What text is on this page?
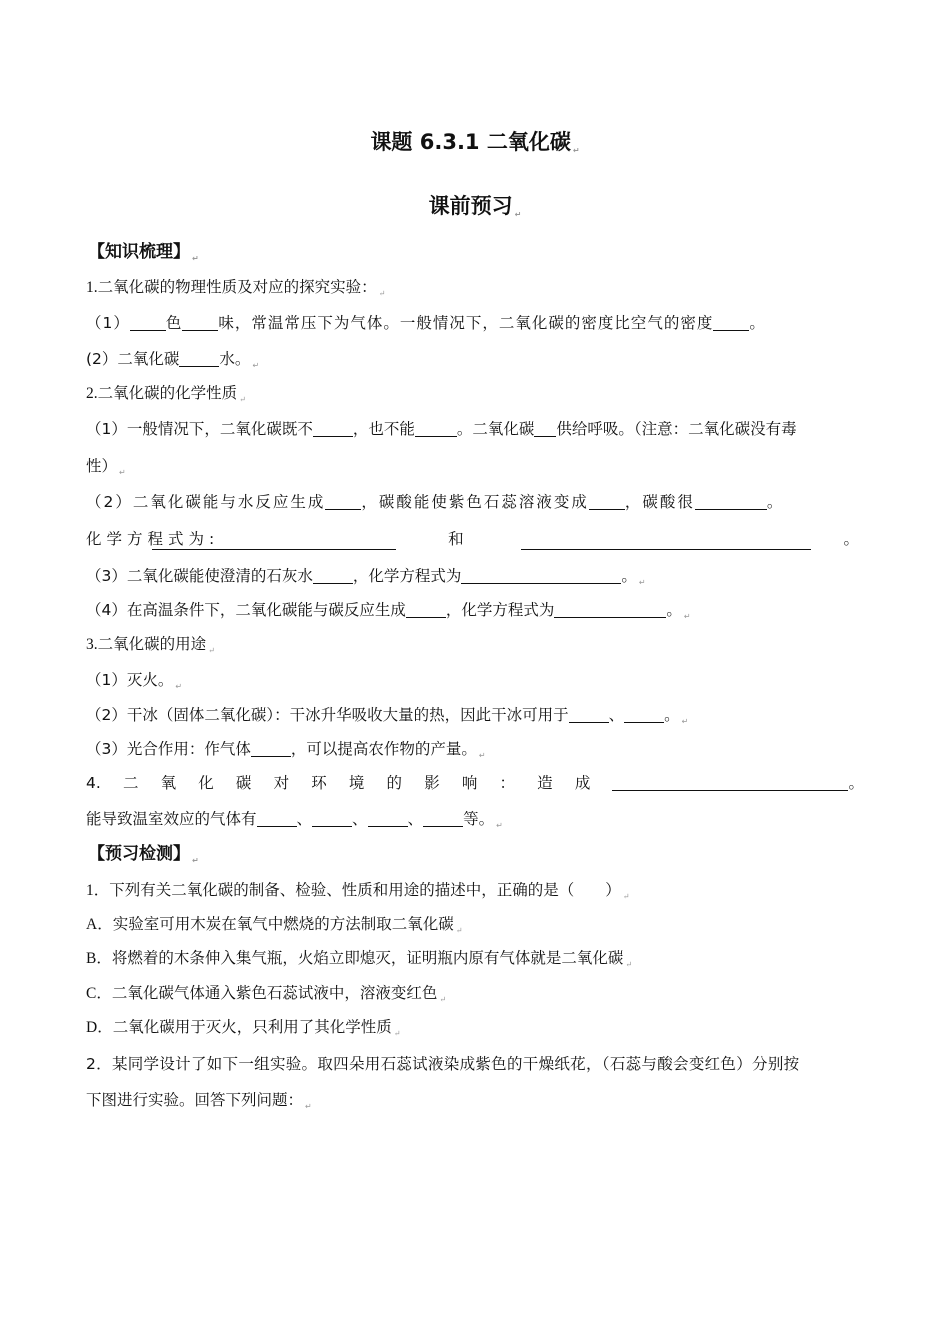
课题 6.3.1 二氧化碳 ↵
课前预习 ↵
【知识梳理】 $_↵$
1.二氧化碳的物理性质及对应的探究实验： $_↵$
（1） 色 味，常温常压下为气体。一般情况下，二氧化碳的密度比空气的密度 。
(2）二氧化碳	水。 $_↵$
2.二氧化碳的化学性质 $_↵$
（1）一般情况下，二氧化碳既不	，也不能	。二氧化碳 供给呼吸。（注意：二氧化碳没有毒
性） $_↵$
（2）二氧化碳能与水反应生成 ，碳酸能使紫色石蕊溶液变成 ，碳酸很	。
化学方程式为:	和	。
（3）二氧化碳能使澄清的石灰水	，化学方程式为	。 $_↵$
（4）在高温条件下，二氧化碳能与碳反应生成	，化学方程式为	。 $_↵$
3.二氧化碳的用途 $_↵$
（1）灭火。 $_↵$
（2）干冰（固体二氧化碳）：干冰升华吸收大量的热，因此干冰可用于	、	。 $_↵$
（3）光合作用：作气体	，可以提高农作物的产量。 $_↵$
4. 二 氧 化 碳 对 环 境 的 影 响 ： 造 成	。
能导致温室效应的气体有	、	、	、	等。 $_↵$
【预习检测】 $_↵$
1．下列有关二氧化碳的制备、检验、性质和用途的描述中，正确的是（　　） $_↵$
A．实验室可用木炭在氧气中燃烧的方法制取二氧化碳 $_↵$
B．将燃着的木条伸入集气瓶，火焰立即熄灭，证明瓶内原有气体就是二氧化碳 $_↵$
C．二氧化碳气体通入紫色石蕊试液中，溶液变红色 $_↵$
D．二氧化碳用于灭火，只利用了其化学性质 $_↵$
2．某同学设计了如下一组实验。取四朵用石蕊试液染成紫色的干燥纸花，（石蕊与酸会变红色）分别按
下图进行实验。回答下列问题： $_↵$
